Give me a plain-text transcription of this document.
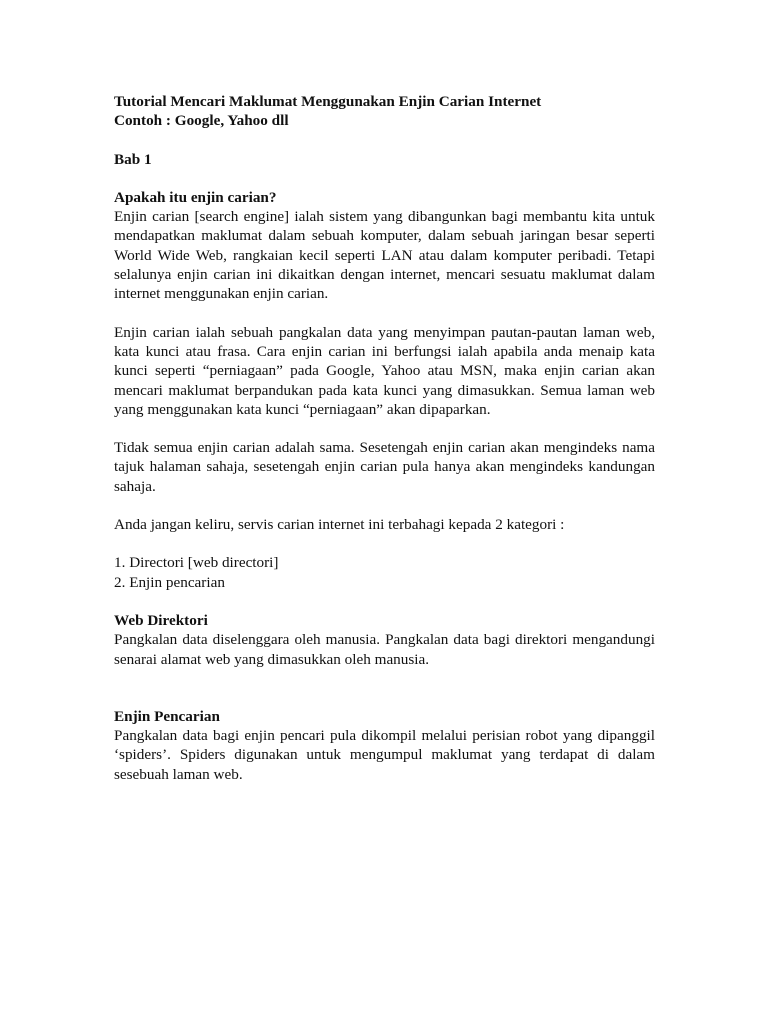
Tutorial Mencari Maklumat Menggunakan Enjin Carian Internet
Contoh : Google, Yahoo dll
Bab 1
Apakah itu enjin carian?

Enjin carian [search engine] ialah sistem yang dibangunkan bagi membantu kita untuk mendapatkan maklumat dalam sebuah komputer, dalam sebuah jaringan besar seperti World Wide Web, rangkaian kecil seperti LAN atau dalam komputer peribadi. Tetapi selalunya enjin carian ini dikaitkan dengan internet, mencari sesuatu maklumat dalam internet menggunakan enjin carian.

Enjin carian ialah sebuah pangkalan data yang menyimpan pautan-pautan laman web, kata kunci atau frasa. Cara enjin carian ini berfungsi ialah apabila anda menaip kata kunci seperti “perniagaan” pada Google, Yahoo atau MSN, maka enjin carian akan mencari maklumat berpandukan pada kata kunci yang dimasukkan. Semua laman web yang menggunakan kata kunci “perniagaan” akan dipaparkan.

Tidak semua enjin carian adalah sama. Sesetengah enjin carian akan mengindeks nama tajuk halaman sahaja, sesetengah enjin carian pula hanya akan mengindeks kandungan sahaja.

Anda jangan keliru, servis carian internet ini terbahagi kepada 2 kategori :

1. Directori [web directori]
2. Enjin pencarian
Web Direktori

Pangkalan data diselenggara oleh manusia. Pangkalan data bagi direktori mengandungi senarai alamat web yang dimasukkan oleh manusia.

Enjin Pencarian

Pangkalan data bagi enjin pencari pula dikompil melalui perisian robot yang dipanggil ‘spiders’. Spiders digunakan untuk mengumpul maklumat yang terdapat di dalam sesebuah laman web.
